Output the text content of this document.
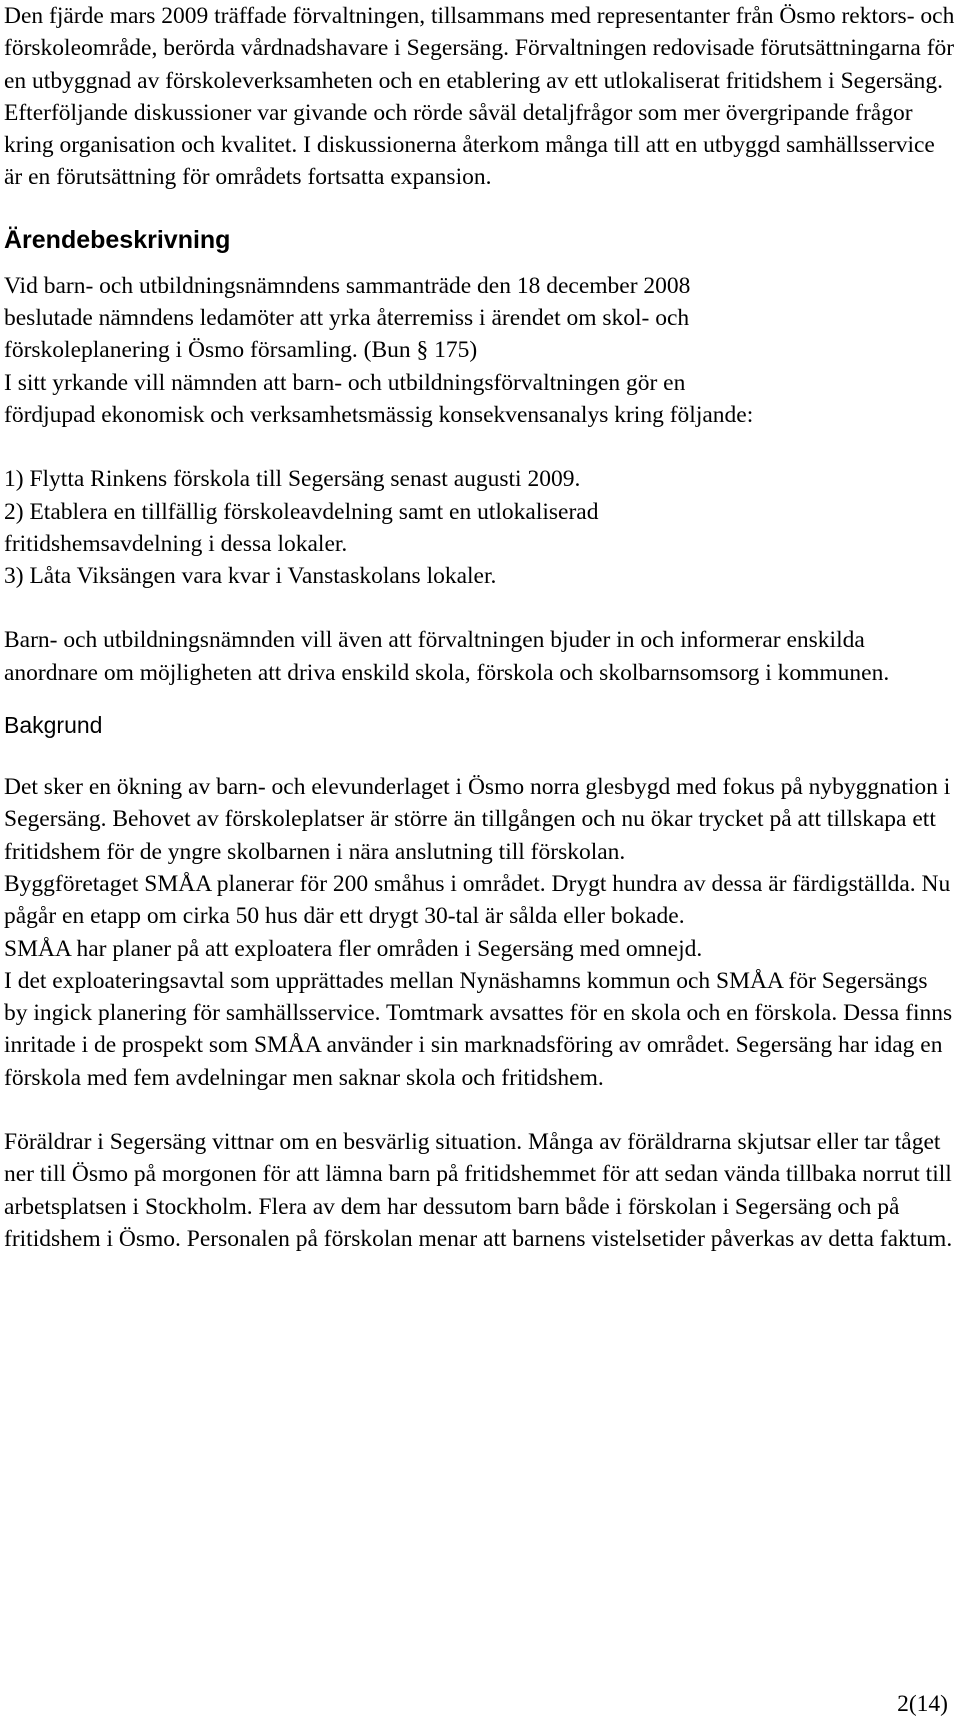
Den fjärde mars 2009 träffade förvaltningen, tillsammans med representanter från Ösmo rektors- och förskoleområde, berörda vårdnadshavare i Segersäng. Förvaltningen redovisade förutsättningarna för en utbyggnad av förskoleverksamheten och en etablering av ett utlokaliserat fritidshem i Segersäng. Efterföljande diskussioner var givande och rörde såväl detaljfrågor som mer övergripande frågor kring organisation och kvalitet. I diskussionerna återkom många till att en utbyggd samhällsservice är en förutsättning för områdets fortsatta expansion.

Ärendebeskrivning

Vid barn- och utbildningsnämndens sammanträde den 18 december 2008

beslutade nämndens ledamöter att yrka återremiss i ärendet om skol- och

förskoleplanering i Ösmo församling. (Bun § 175)

I sitt yrkande vill nämnden att barn- och utbildningsförvaltningen gör en

fördjupad ekonomisk och verksamhetsmässig konsekvensanalys kring följande:

1) Flytta Rinkens förskola till Segersäng senast augusti 2009.

2) Etablera en tillfällig förskoleavdelning samt en utlokaliserad

fritidshemsavdelning i dessa lokaler.

3) Låta Viksängen vara kvar i Vanstaskolans lokaler.

Barn- och utbildningsnämnden vill även att förvaltningen bjuder in och informerar enskilda anordnare om möjligheten att driva enskild skola, förskola och skolbarnsomsorg i kommunen.

Bakgrund

Det sker en ökning av barn- och elevunderlaget i Ösmo norra glesbygd med fokus på nybyggnation i Segersäng. Behovet av förskoleplatser är större än tillgången och nu ökar trycket på att tillskapa ett fritidshem för de yngre skolbarnen i nära anslutning till förskolan.

Byggföretaget SMÅA planerar för 200 småhus i området. Drygt hundra av dessa är färdigställda. Nu pågår en etapp om cirka 50 hus där ett drygt 30-tal är sålda eller bokade.

SMÅA har planer på att exploatera fler områden i Segersäng med omnejd.

I det exploateringsavtal som upprättades mellan Nynäshamns kommun och SMÅA för Segersängs by ingick planering för samhällsservice. Tomtmark avsattes för en skola och en förskola. Dessa finns inritade i de prospekt som SMÅA använder i sin marknadsföring av området. Segersäng har idag en förskola med fem avdelningar men saknar skola och fritidshem.

Föräldrar i Segersäng vittnar om en besvärlig situation. Många av föräldrarna skjutsar eller tar tåget ner till Ösmo på morgonen för att lämna barn på fritidshemmet för att sedan vända tillbaka norrut till arbetsplatsen i Stockholm. Flera av dem har dessutom barn både i förskolan i Segersäng och på fritidshem i Ösmo. Personalen på förskolan menar att barnens vistelsetider påverkas av detta faktum.

2(14)
